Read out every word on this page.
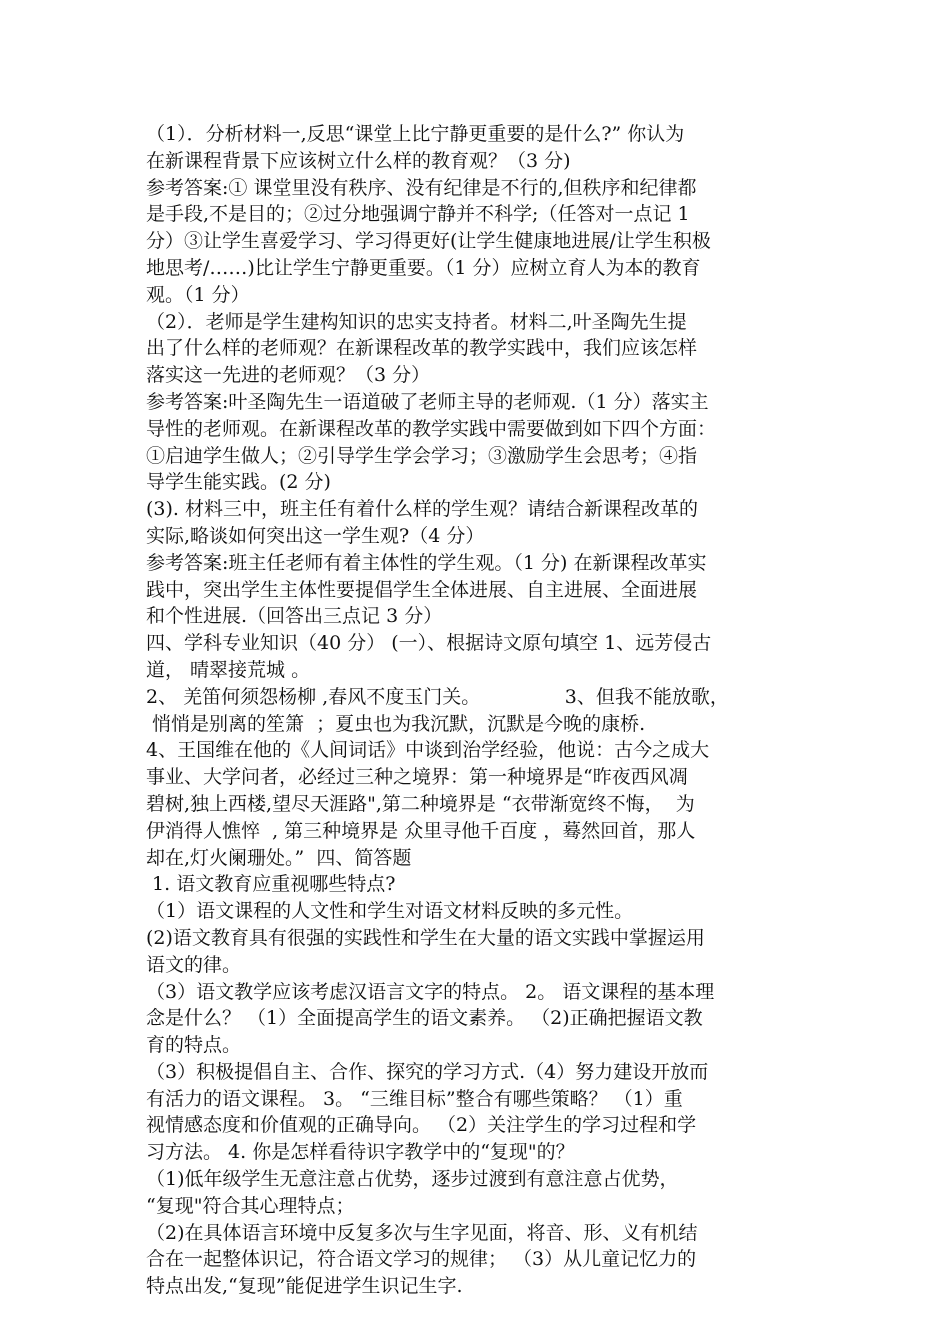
（1）．分析材料一,反思“课堂上比宁静更重要的是什么?” 你认为
在新课程背景下应该树立什么样的教育观？（3 分)
参考答案:① 课堂里没有秩序、没有纪律是不行的,但秩序和纪律都
是手段,不是目的；②过分地强调宁静并不科学;（任答对一点记 1
分）③让学生喜爱学习、学习得更好(让学生健康地进展/让学生积极
地思考/……)比让学生宁静更重要。（1 分）应树立育人为本的教育
观。（1 分）
（2）．老师是学生建构知识的忠实支持者。材料二,叶圣陶先生提
出了什么样的老师观？在新课程改革的教学实践中，我们应该怎样
落实这一先进的老师观？（3 分）
参考答案:叶圣陶先生一语道破了老师主导的老师观.（1 分）落实主
导性的老师观。在新课程改革的教学实践中需要做到如下四个方面：
①启迪学生做人；②引导学生学会学习；③激励学生会思考；④指
导学生能实践。(2 分)
(3). 材料三中，班主任有着什么样的学生观？请结合新课程改革的
实际,略谈如何突出这一学生观?（4 分）
参考答案:班主任老师有着主体性的学生观。（1 分) 在新课程改革实
践中，突出学生主体性要提倡学生全体进展、自主进展、全面进展
和个性进展.（回答出三点记 3 分）
四、学科专业知识（40 分） (一）、根据诗文原句填空 1、远芳侵古
道， 晴翠接荒城 。
2、 羌笛何须怨杨柳 ,春风不度玉门关。              3、但我不能放歌，
悄悄是别离的笙箫  ；夏虫也为我沉默，沉默是今晚的康桥.
4、王国维在他的《人间词话》中谈到治学经验，他说：古今之成大
事业、大学问者，必经过三种之境界：第一种境界是“昨夜西风凋
碧树,独上西楼,望尽天涯路",第二种境界是 “衣带渐宽终不悔，  为
伊消得人憔悴  , 第三种境界是 众里寻他千百度 ，蓦然回首，那人
却在,灯火阑珊处。”  四、简答题
1. 语文教育应重视哪些特点?
（1）语文课程的人文性和学生对语文材料反映的多元性。
(2)语文教育具有很强的实践性和学生在大量的语文实践中掌握运用
语文的律。
（3）语文教学应该考虑汉语言文字的特点。 2。 语文课程的基本理
念是什么？ （1）全面提高学生的语文素养。 （2)正确把握语文教
育的特点。
（3）积极提倡自主、合作、探究的学习方式.（4）努力建设开放而
有活力的语文课程。 3。 “三维目标”整合有哪些策略？ （1）重
视情感态度和价值观的正确导向。 （2）关注学生的学习过程和学
习方法。 4. 你是怎样看待识字教学中的“复现"的？
（1)低年级学生无意注意占优势，逐步过渡到有意注意占优势，
“复现"符合其心理特点；
（2)在具体语言环境中反复多次与生字见面，将音、形、义有机结
合在一起整体识记，符合语文学习的规律； （3）从儿童记忆力的
特点出发,“复现”能促进学生识记生字.
